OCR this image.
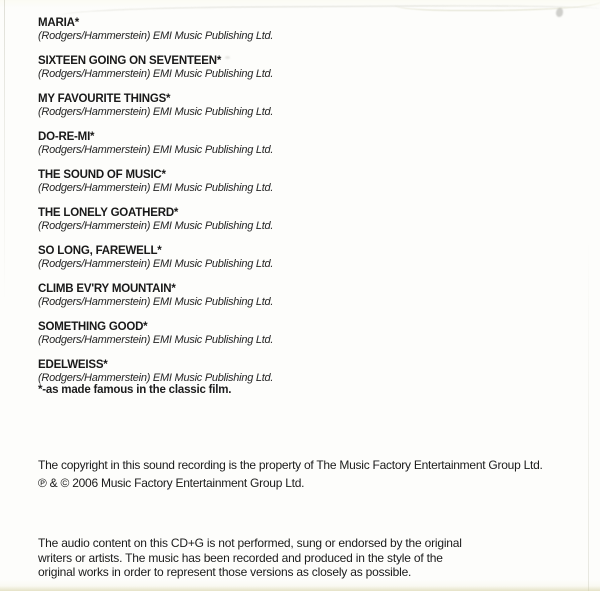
MARIA*
(Rodgers/Hammerstein) EMI Music Publishing Ltd.
SIXTEEN GOING ON SEVENTEEN*
(Rodgers/Hammerstein) EMI Music Publishing Ltd.
MY FAVOURITE THINGS*
(Rodgers/Hammerstein) EMI Music Publishing Ltd.
DO-RE-MI*
(Rodgers/Hammerstein) EMI Music Publishing Ltd.
THE SOUND OF MUSIC*
(Rodgers/Hammerstein) EMI Music Publishing Ltd.
THE LONELY GOATHERD*
(Rodgers/Hammerstein) EMI Music Publishing Ltd.
SO LONG, FAREWELL*
(Rodgers/Hammerstein) EMI Music Publishing Ltd.
CLIMB EV'RY MOUNTAIN*
(Rodgers/Hammerstein) EMI Music Publishing Ltd.
SOMETHING GOOD*
(Rodgers/Hammerstein) EMI Music Publishing Ltd.
EDELWEISS*
(Rodgers/Hammerstein) EMI Music Publishing Ltd.
*-as made famous in the classic film.
The copyright in this sound recording is the property of The Music Factory Entertainment Group Ltd.
℗ & © 2006 Music Factory Entertainment Group Ltd.
The audio content on this CD+G is not performed, sung or endorsed by the original
writers or artists. The music has been recorded and produced in the style of the
original works in order to represent those versions as closely as possible.
